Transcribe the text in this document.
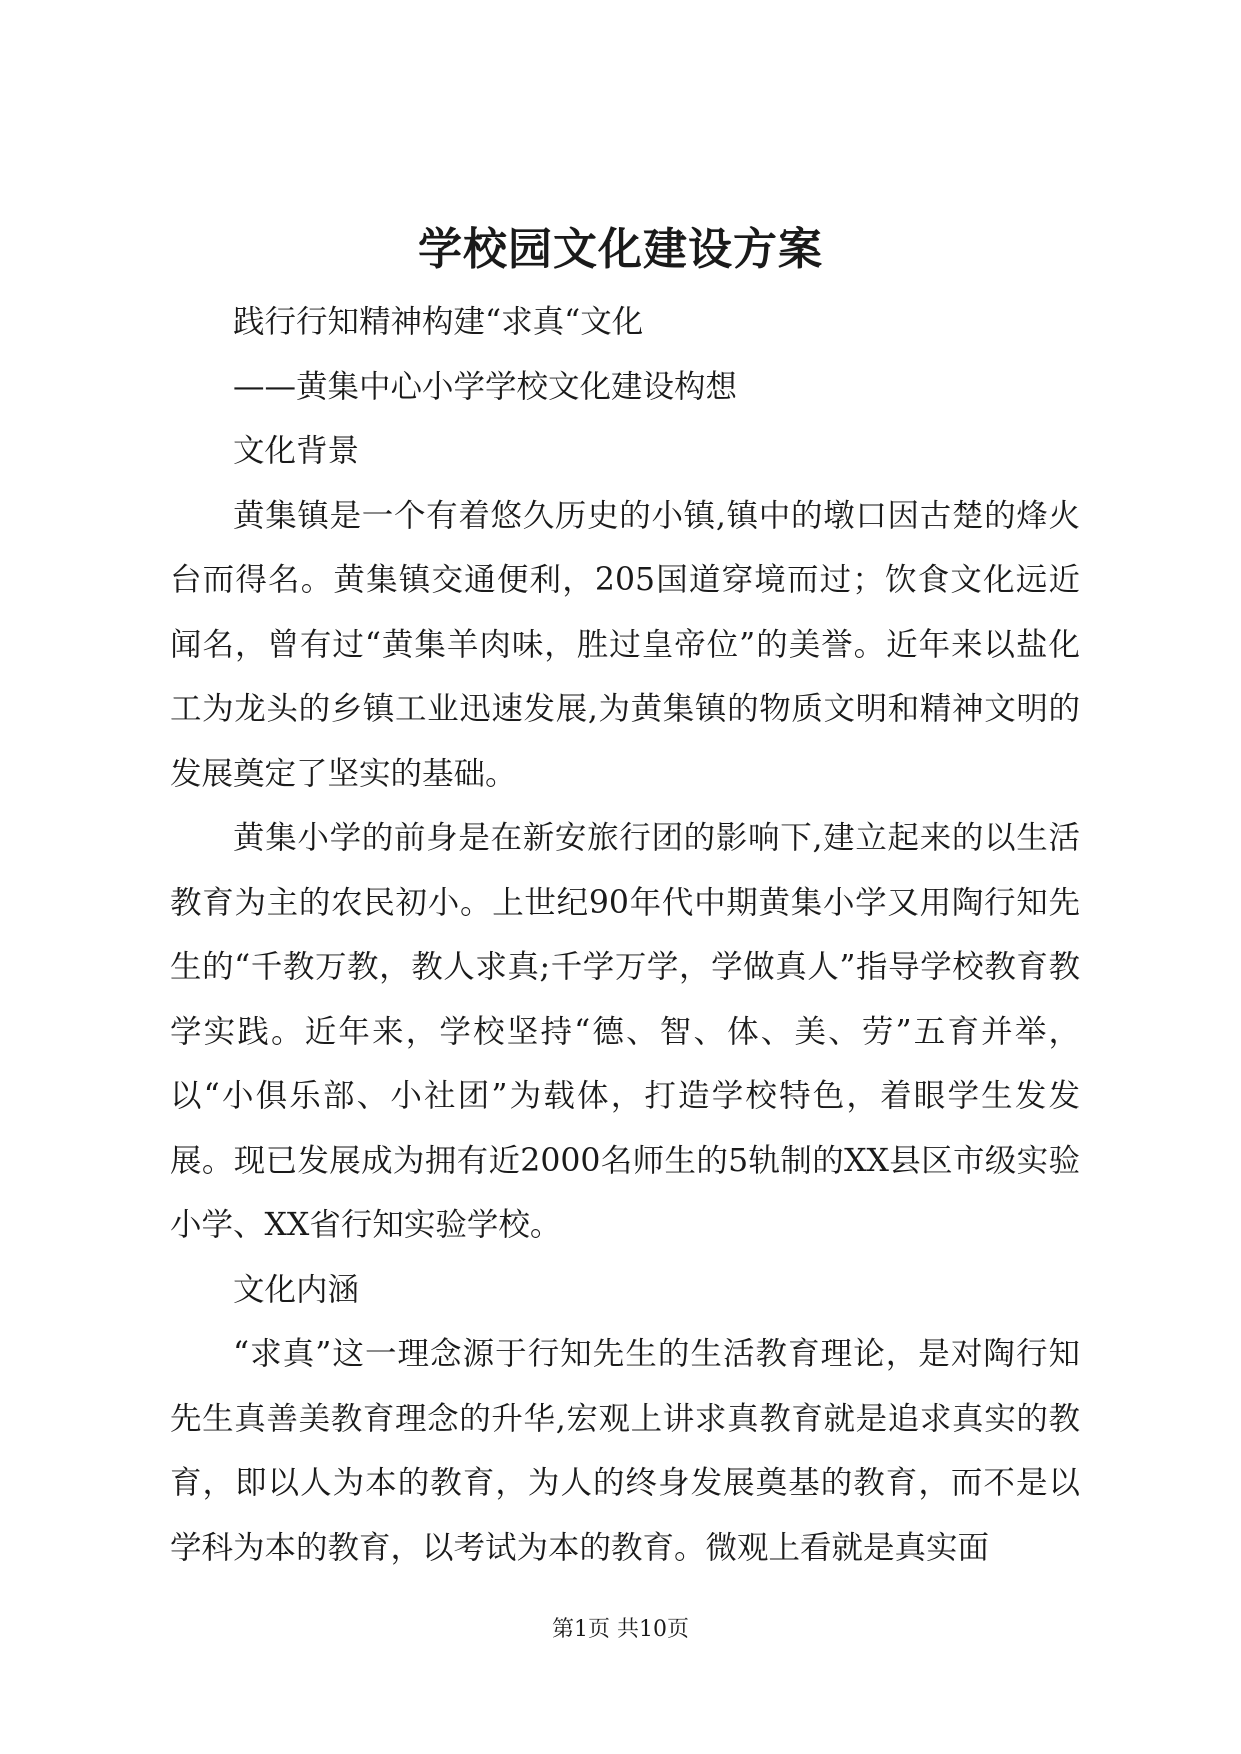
学校园文化建设方案

践行行知精神构建“求真“文化

——黄集中心小学学校文化建设构想

文化背景

黄集镇是一个有着悠久历史的小镇,镇中的墩口因古楚的烽火台而得名。黄集镇交通便利，205国道穿境而过；饮食文化远近闻名，曾有过“黄集羊肉味，胜过皇帝位”的美誉。近年来以盐化工为龙头的乡镇工业迅速发展,为黄集镇的物质文明和精神文明的发展奠定了坚实的基础。

黄集小学的前身是在新安旅行团的影响下,建立起来的以生活教育为主的农民初小。上世纪90年代中期黄集小学又用陶行知先生的“千教万教，教人求真;千学万学，学做真人”指导学校教育教学实践。近年来，学校坚持“德、智、体、美、劳”五育并举，以“小俱乐部、小社团”为载体，打造学校特色，着眼学生发发展。现已发展成为拥有近2000名师生的5轨制的XX县区市级实验小学、XX省行知实验学校。

文化内涵

“求真”这一理念源于行知先生的生活教育理论，是对陶行知先生真善美教育理念的升华,宏观上讲求真教育就是追求真实的教育，即以人为本的教育，为人的终身发展奠基的教育，而不是以学科为本的教育，以考试为本的教育。微观上看就是真实面

第1页 共10页
